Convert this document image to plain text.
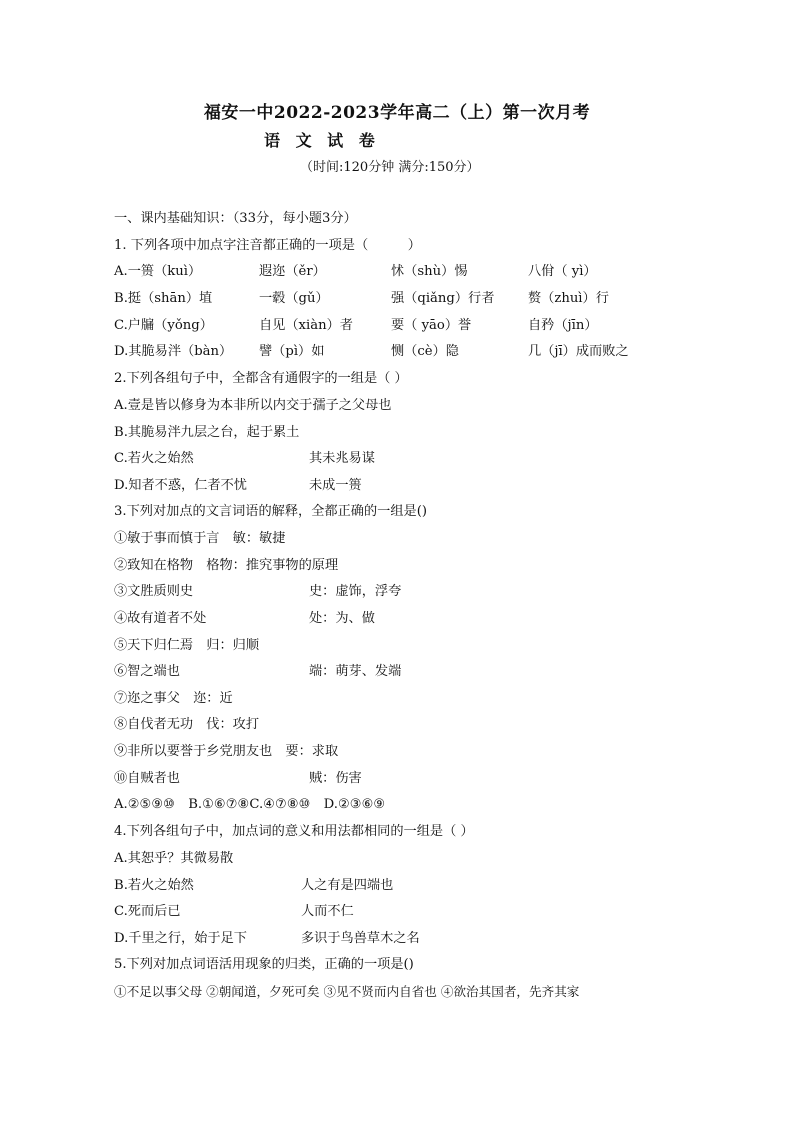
福安一中2022-2023学年高二（上）第一次月考
语 文 试 卷
（时间:120分钟 满分:150分）
一、课内基础知识：（33分，每小题3分）
1. 下列各项中加点字注音都正确的一项是（　　　）
A.一篑（kuì）	遐迩（ěr）	怵（shù）惕	八佾（ yì）
B.挺（shān）埴	一毂（gǔ）	强（qiǎng）行者	赘（zhuì）行
C.户牖（yǒng）	自见（xiàn）者	要（ yāo）誉	自矜（jīn）
D.其脆易泮（bàn） 譬（pì）如	恻（cè）隐	几（jī）成而败之
2.下列各组句子中，全都含有通假字的一组是（ ）
A.壹是皆以修身为本非所以内交于孺子之父母也
B.其脆易泮九层之台，起于累土
C.若火之始然	其未兆易谋
D.知者不惑，仁者不忧	未成一篑
3.下列对加点的文言词语的解释，全都正确的一组是()
①敏于事而慎于言　敏：敏捷
②致知在格物　格物：推究事物的原理
③文胜质则史	史：虚饰，浮夸
④故有道者不处	处：为、做
⑤天下归仁焉　归：归顺
⑥智之端也	端：萌芽、发端
⑦迩之事父　迩：近
⑧自伐者无功　伐：攻打
⑨非所以要誉于乡党朋友也　要：求取
⑩自贼者也	贼：伤害
A.②⑤⑨⑩　B.①⑥⑦⑧C.④⑦⑧⑩　D.②③⑥⑨
4.下列各组句子中，加点词的意义和用法都相同的一组是（ ）
A.其恕乎？其微易散
B.若火之始然	人之有是四端也
C.死而后已	人而不仁
D.千里之行，始于足下	多识于鸟兽草木之名
5.下列对加点词语活用现象的归类，正确的一项是()
①不足以事父母 ②朝闻道，夕死可矣 ③见不贤而内自省也 ④欲治其国者，先齐其家
